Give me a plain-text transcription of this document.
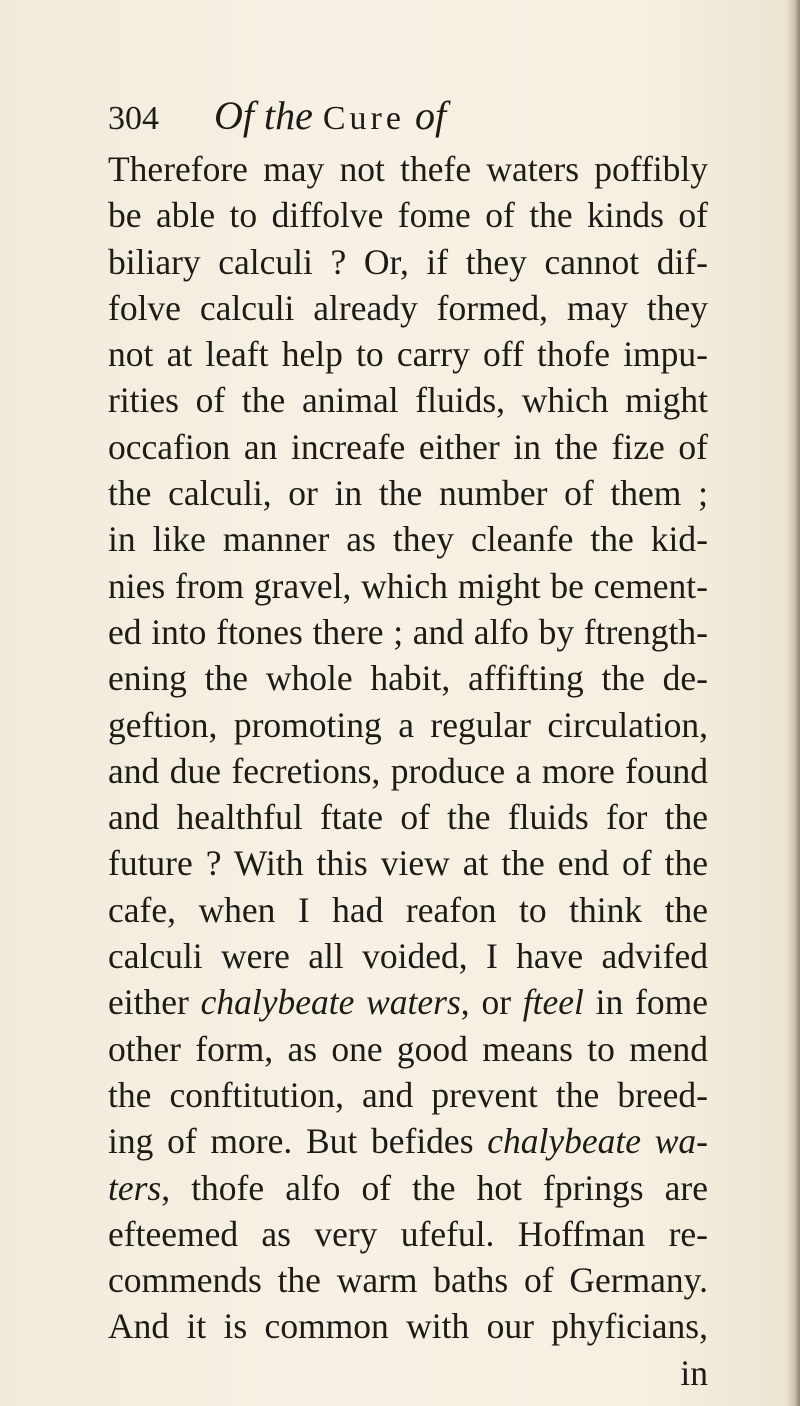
304 Of the Cure of
Therefore may not thefe waters poffibly
be able to diffolve fome of the kinds of
biliary calculi ? Or, if they cannot dif-
folve calculi already formed, may they
not at leaft help to carry off thofe impu-
rities of the animal fluids, which might
occafion an increafe either in the fize of
the calculi, or in the number of them ;
in like manner as they cleanfe the kid-
nies from gravel, which might be cement-
ed into ftones there ; and alfo by ftrength-
ening the whole habit, affifting the de-
geftion, promoting a regular circulation,
and due fecretions, produce a more found
and healthful ftate of the fluids for the
future ? With this view at the end of the
cafe, when I had reafon to think the
calculi were all voided, I have advifed
either chalybeate waters, or fteel in fome
other form, as one good means to mend
the conftitution, and prevent the breed-
ing of more. But befides chalybeate wa-
ters, thofe alfo of the hot fprings are
efteemed as very ufeful. Hoffman re-
commends the warm baths of Germany.
And it is common with our phyficians,
in
